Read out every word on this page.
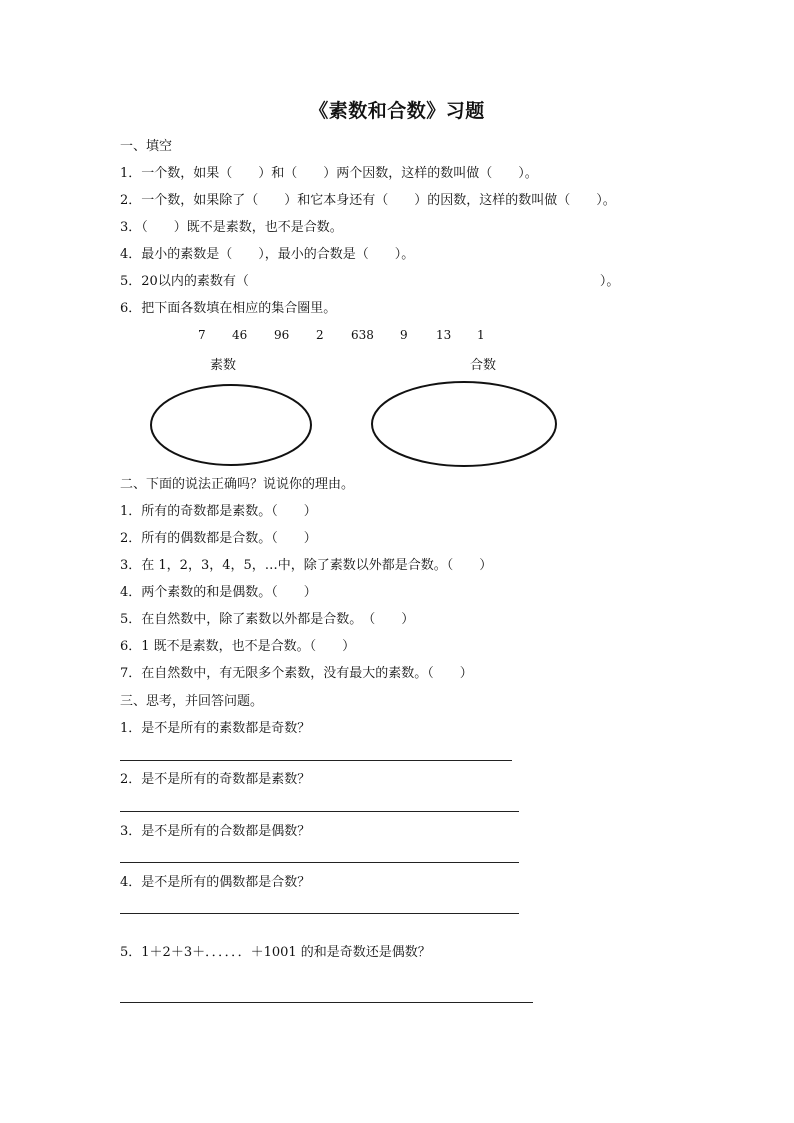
《素数和合数》习题
一、填空
1．一个数，如果（　　）和（　　）两个因数，这样的数叫做（　　）。
2．一个数，如果除了（　　）和它本身还有（　　）的因数，这样的数叫做（　　）。
3．（　　）既不是素数，也不是合数。
4．最小的素数是（　　），最小的合数是（　　）。
5．20以内的素数有（　　　　　　　　　　　　　　　　　　　　　　　　　　　）。
6．把下面各数填在相应的集合圈里。
7 46 96 2 638 9 13 1
素数	合数
二、下面的说法正确吗？说说你的理由。
1．所有的奇数都是素数。（　　）
2．所有的偶数都是合数。（　　）
3．在 1，2，3，4，5，…中，除了素数以外都是合数。（　　）
4．两个素数的和是偶数。（　　）
5．在自然数中，除了素数以外都是合数。　（　　）
6．1 既不是素数，也不是合数。（　　）
7．在自然数中，有无限多个素数，没有最大的素数。（　　）
三、思考，并回答问题。
1．是不是所有的素数都是奇数？
2．是不是所有的奇数都是素数？
3．是不是所有的合数都是偶数？
4．是不是所有的偶数都是合数？
5．1＋2＋3＋．．．．．．＋1001 的和是奇数还是偶数？
